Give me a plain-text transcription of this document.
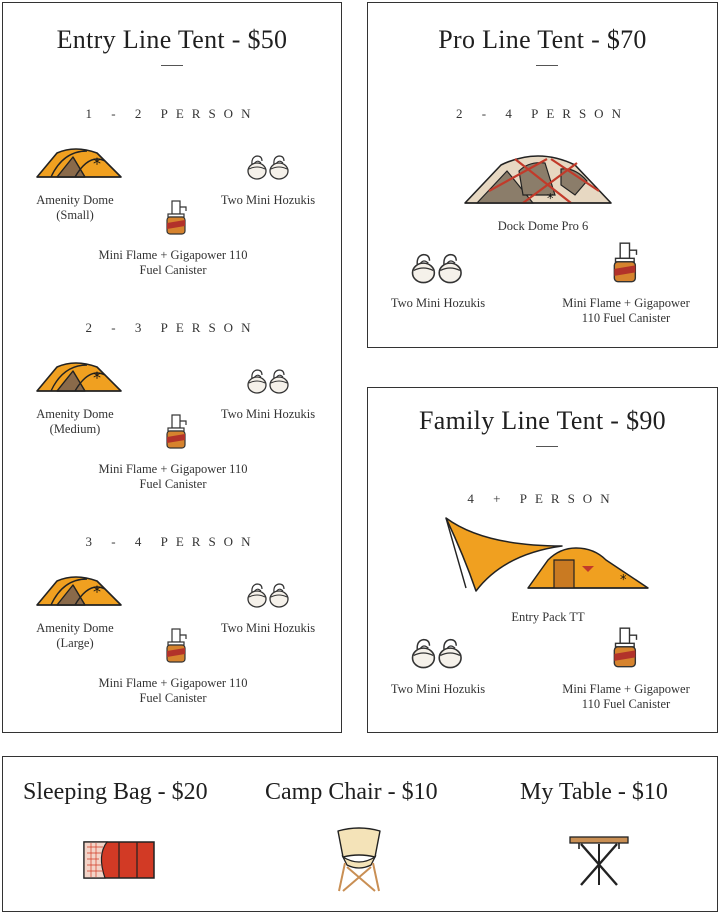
Entry Line Tent - $50
1 - 2 PERSON
Amenity Dome
(Small)
Two Mini Hozukis
Mini Flame + Gigapower 110
Fuel Canister
2 - 3 PERSON
Amenity Dome
(Medium)
Two Mini Hozukis
Mini Flame + Gigapower 110
Fuel Canister
3 - 4 PERSON
Amenity Dome
(Large)
Two Mini Hozukis
Mini Flame + Gigapower 110
Fuel Canister
Pro Line Tent - $70
2 - 4 PERSON
*
Dock Dome Pro 6
Two Mini Hozukis	Mini Flame + Gigapower
110 Fuel Canister
Family Line Tent - $90
4 + PERSON
*
Entry Pack TT
Two Mini Hozukis	Mini Flame + Gigapower
110 Fuel Canister
Sleeping Bag - $20 Camp Chair - $10	My Table - $10
